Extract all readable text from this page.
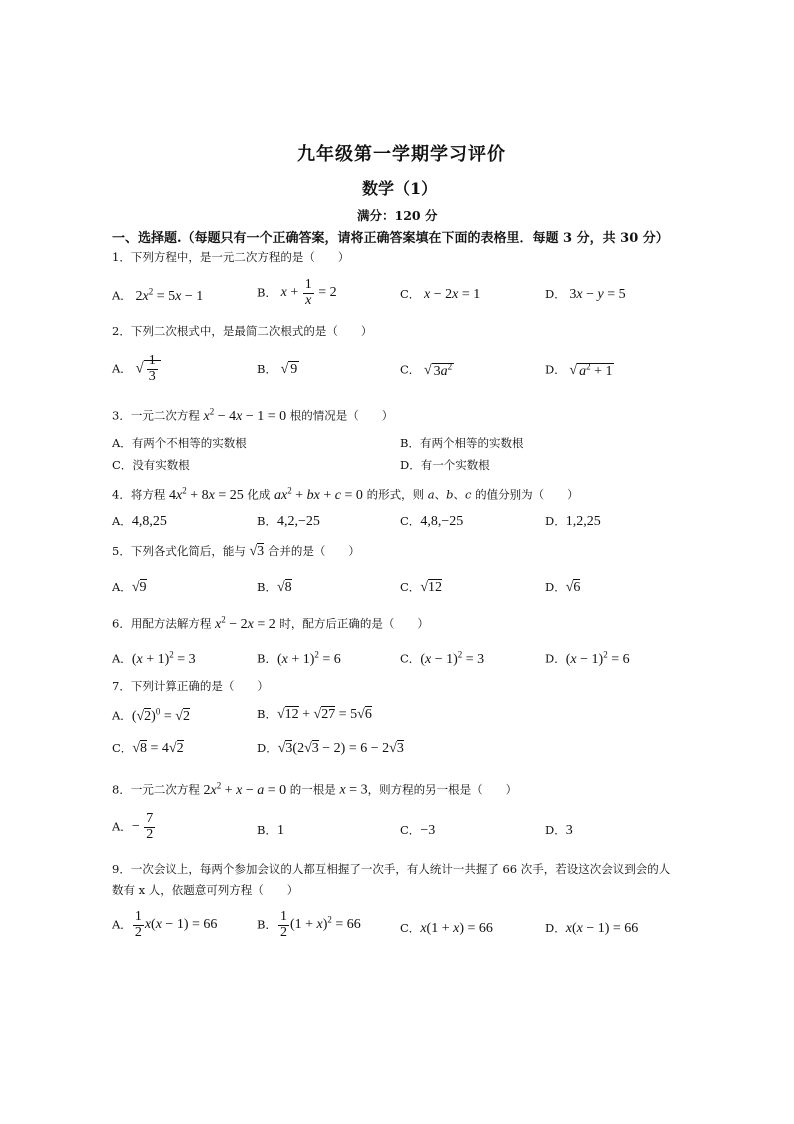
九年级第一学期学习评价
数学（1）
满分：120 分
一、选择题.（每题只有一个正确答案，请将正确答案填在下面的表格里．每题 3 分，共 30 分）
1．下列方程中，是一元二次方程的是（　　）
A． $2x^2 = 5x - 1$	B． $x + \frac{1}{x} = 2$	C． x − 2x = 1	D． 3x − y = 5
2．下列二次根式中，是最简二次根式的是（　　）
A． √ $\frac{1}{3}$	B． √ 9	C． √ $3a^2$	D． √ $a^2 + 1$
3．一元二次方程 $x^2 - 4x - 1 = 0$ 根的情况是（　　）
A．有两个不相等的实数根	B．有两个相等的实数根
C．没有实数根	D．有一个实数根
4．将方程 $4x^2 + 8x = 25$ 化成 $ax^2$ + bx + c = 0 的形式，则 a、b、c 的值分别为（　　）
A．4,8,25	B．4,2,−25	C．4,8,−25	D．1,2,25
5．下列各式化简后，能与 √3 合并的是（　　）
A．√9	B．√8	C．√12	D．√6
6．用配方法解方程 $x^2 - 2x = 2$ 时，配方后正确的是（　　）
A．$(x + 1)^2 = 3$	B．$(x + 1)^2 = 6$	C．$(x - 1)^2 = 3$	D．$(x - 1)^2 = 6$
7．下列计算正确的是（　　）
A．$(√2)^0 = √2$	B．√12 + √27 = 5√6
C．√8 = 4√2	D．√3(2√3 − 2) = 6 − 2√3
8．一元二次方程 $2x^2 + x - a = 0$ 的一根是 x = 3，则方程的另一根是（　　）
A．− $\frac{7}{2}$	B．1	C．−3	D．3
9．一次会议上，每两个参加会议的人都互相握了一次手，有人统计一共握了 66 次手，若设这次会议到会的人
数有 x 人，依题意可列方程（　　）
A． $\frac{1}{2} x(x - 1) = 66$	B． $\frac{1}{2} (1 + x)^2 = 66$	C．x(1 + x) = 66	D．x(x − 1) = 66
